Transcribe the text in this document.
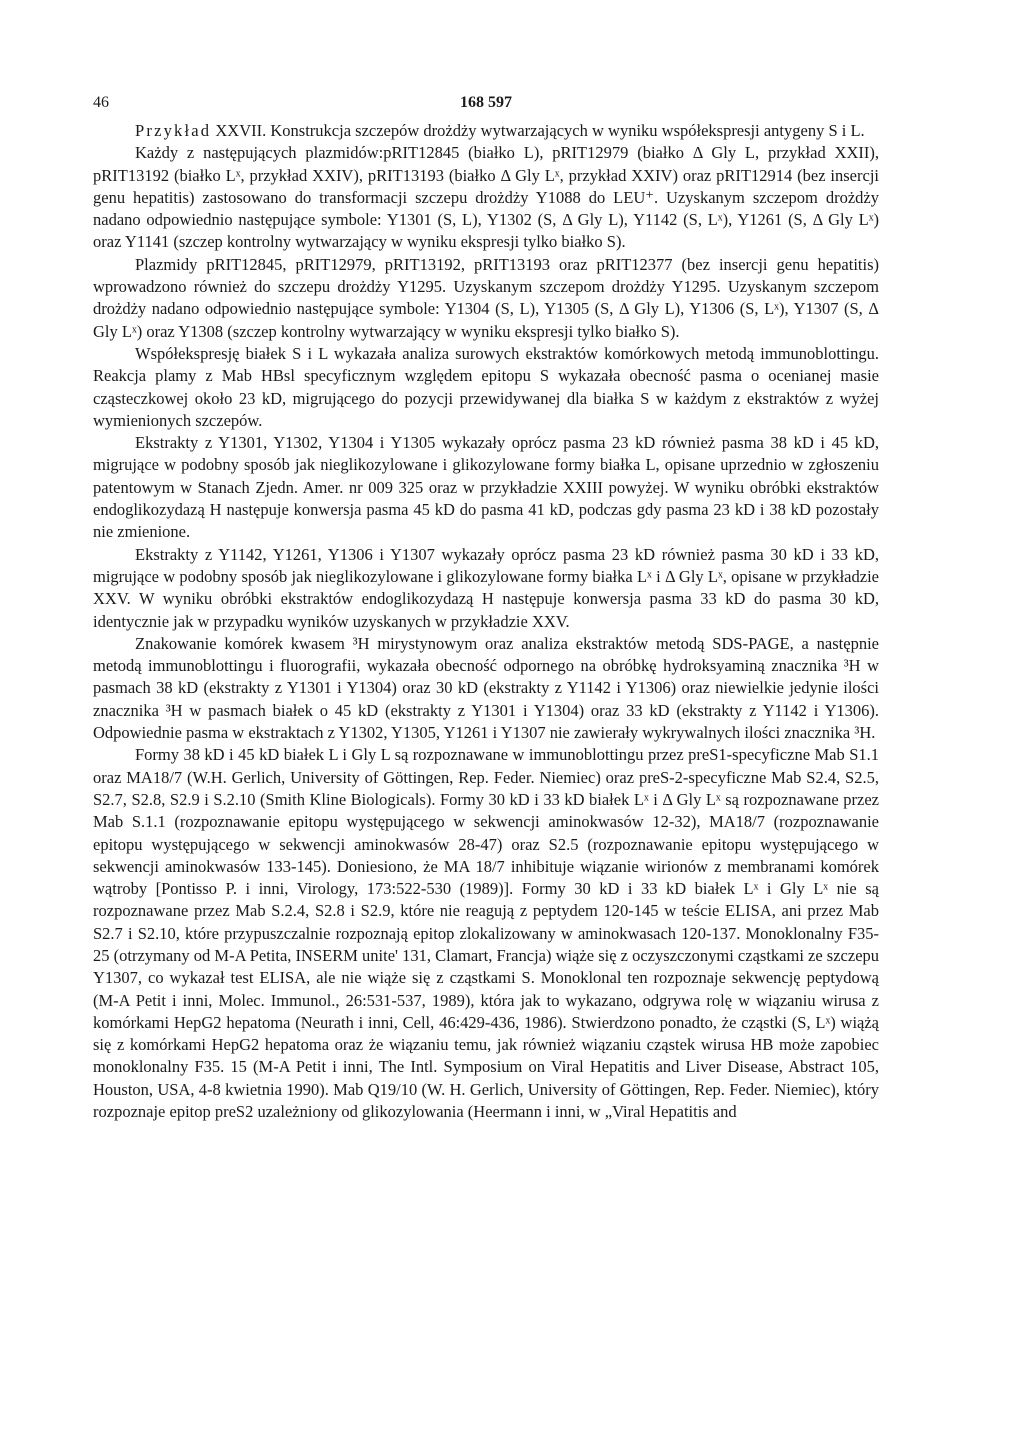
46	168 597

Przykład XXVII. Konstrukcja szczepów drożdży wytwarzających w wyniku współekspresji antygeny S i L.

Każdy z następujących plazmidów:pRIT12845 (białko L), pRIT12979 (białko Δ Gly L, przykład XXII), pRIT13192 (białko Lˣ, przykład XXIV), pRIT13193 (białko Δ Gly Lˣ, przykład XXIV) oraz pRIT12914 (bez insercji genu hepatitis) zastosowano do transformacji szczepu drożdży Y1088 do LEU⁺. Uzyskanym szczepom drożdży nadano odpowiednio następujące symbole: Y1301 (S, L), Y1302 (S, Δ Gly L), Y1142 (S, Lˣ), Y1261 (S, Δ Gly Lˣ) oraz Y1141 (szczep kontrolny wytwarzający w wyniku ekspresji tylko białko S).

Plazmidy pRIT12845, pRIT12979, pRIT13192, pRIT13193 oraz pRIT12377 (bez insercji genu hepatitis) wprowadzono również do szczepu drożdży Y1295. Uzyskanym szczepom drożdży Y1295. Uzyskanym szczepom drożdży nadano odpowiednio następujące symbole: Y1304 (S, L), Y1305 (S, Δ Gly L), Y1306 (S, Lˣ), Y1307 (S, Δ Gly Lˣ) oraz Y1308 (szczep kontrolny wytwarzający w wyniku ekspresji tylko białko S).

Współekspresję białek S i L wykazała analiza surowych ekstraktów komórkowych metodą immunoblottingu. Reakcja plamy z Mab HBsl specyficznym względem epitopu S wykazała obecność pasma o ocenianej masie cząsteczkowej około 23 kD, migrującego do pozycji przewidywanej dla białka S w każdym z ekstraktów z wyżej wymienionych szczepów.

Ekstrakty z Y1301, Y1302, Y1304 i Y1305 wykazały oprócz pasma 23 kD również pasma 38 kD i 45 kD, migrujące w podobny sposób jak nieglikozylowane i glikozylowane formy białka L, opisane uprzednio w zgłoszeniu patentowym w Stanach Zjedn. Amer. nr 009 325 oraz w przykładzie XXIII powyżej. W wyniku obróbki ekstraktów endoglikozydazą H następuje konwersja pasma 45 kD do pasma 41 kD, podczas gdy pasma 23 kD i 38 kD pozostały nie zmienione.

Ekstrakty z Y1142, Y1261, Y1306 i Y1307 wykazały oprócz pasma 23 kD również pasma 30 kD i 33 kD, migrujące w podobny sposób jak nieglikozylowane i glikozylowane formy białka Lˣ i Δ Gly Lˣ, opisane w przykładzie XXV. W wyniku obróbki ekstraktów endoglikozydazą H następuje konwersja pasma 33 kD do pasma 30 kD, identycznie jak w przypadku wyników uzyskanych w przykładzie XXV.

Znakowanie komórek kwasem ³H mirystynowym oraz analiza ekstraktów metodą SDS-PAGE, a następnie metodą immunoblottingu i fluorografii, wykazała obecność odpornego na obróbkę hydroksyaminą znacznika ³H w pasmach 38 kD (ekstrakty z Y1301 i Y1304) oraz 30 kD (ekstrakty z Y1142 i Y1306) oraz niewielkie jedynie ilości znacznika ³H w pasmach białek o 45 kD (ekstrakty z Y1301 i Y1304) oraz 33 kD (ekstrakty z Y1142 i Y1306). Odpowiednie pasma w ekstraktach z Y1302, Y1305, Y1261 i Y1307 nie zawierały wykrywalnych ilości znacznika ³H.

Formy 38 kD i 45 kD białek L i Gly L są rozpoznawane w immunoblottingu przez preS1-specyficzne Mab S1.1 oraz MA18/7 (W.H. Gerlich, University of Göttingen, Rep. Feder. Niemiec) oraz preS-2-specyficzne Mab S2.4, S2.5, S2.7, S2.8, S2.9 i S.2.10 (Smith Kline Biologicals). Formy 30 kD i 33 kD białek Lˣ i Δ Gly Lˣ są rozpoznawane przez Mab S.1.1 (rozpoznawanie epitopu występującego w sekwencji aminokwasów 12-32), MA18/7 (rozpoznawanie epitopu występującego w sekwencji aminokwasów 28-47) oraz S2.5 (rozpoznawanie epitopu występującego w sekwencji aminokwasów 133-145). Doniesiono, że MA 18/7 inhibituje wiązanie wirionów z membranami komórek wątroby [Pontisso P. i inni, Virology, 173:522-530 (1989)]. Formy 30 kD i 33 kD białek Lˣ i Gly Lˣ nie są rozpoznawane przez Mab S.2.4, S2.8 i S2.9, które nie reagują z peptydem 120-145 w teście ELISA, ani przez Mab S2.7 i S2.10, które przypuszczalnie rozpoznają epitop zlokalizowany w aminokwasach 120-137. Monoklonalny F35-25 (otrzymany od M-A Petita, INSERM unite' 131, Clamart, Francja) wiąże się z oczyszczonymi cząstkami ze szczepu Y1307, co wykazał test ELISA, ale nie wiąże się z cząstkami S. Monoklonal ten rozpoznaje sekwencję peptydową (M-A Petit i inni, Molec. Immunol., 26:531-537, 1989), która jak to wykazano, odgrywa rolę w wiązaniu wirusa z komórkami HepG2 hepatoma (Neurath i inni, Cell, 46:429-436, 1986). Stwierdzono ponadto, że cząstki (S, Lˣ) wiążą się z komórkami HepG2 hepatoma oraz że wiązaniu temu, jak również wiązaniu cząstek wirusa HB może zapobiec monoklonalny F35. 15 (M-A Petit i inni, The Intl. Symposium on Viral Hepatitis and Liver Disease, Abstract 105, Houston, USA, 4-8 kwietnia 1990). Mab Q19/10 (W. H. Gerlich, University of Göttingen, Rep. Feder. Niemiec), który rozpoznaje epitop preS2 uzależniony od glikozylowania (Heermann i inni, w „Viral Hepatitis and
